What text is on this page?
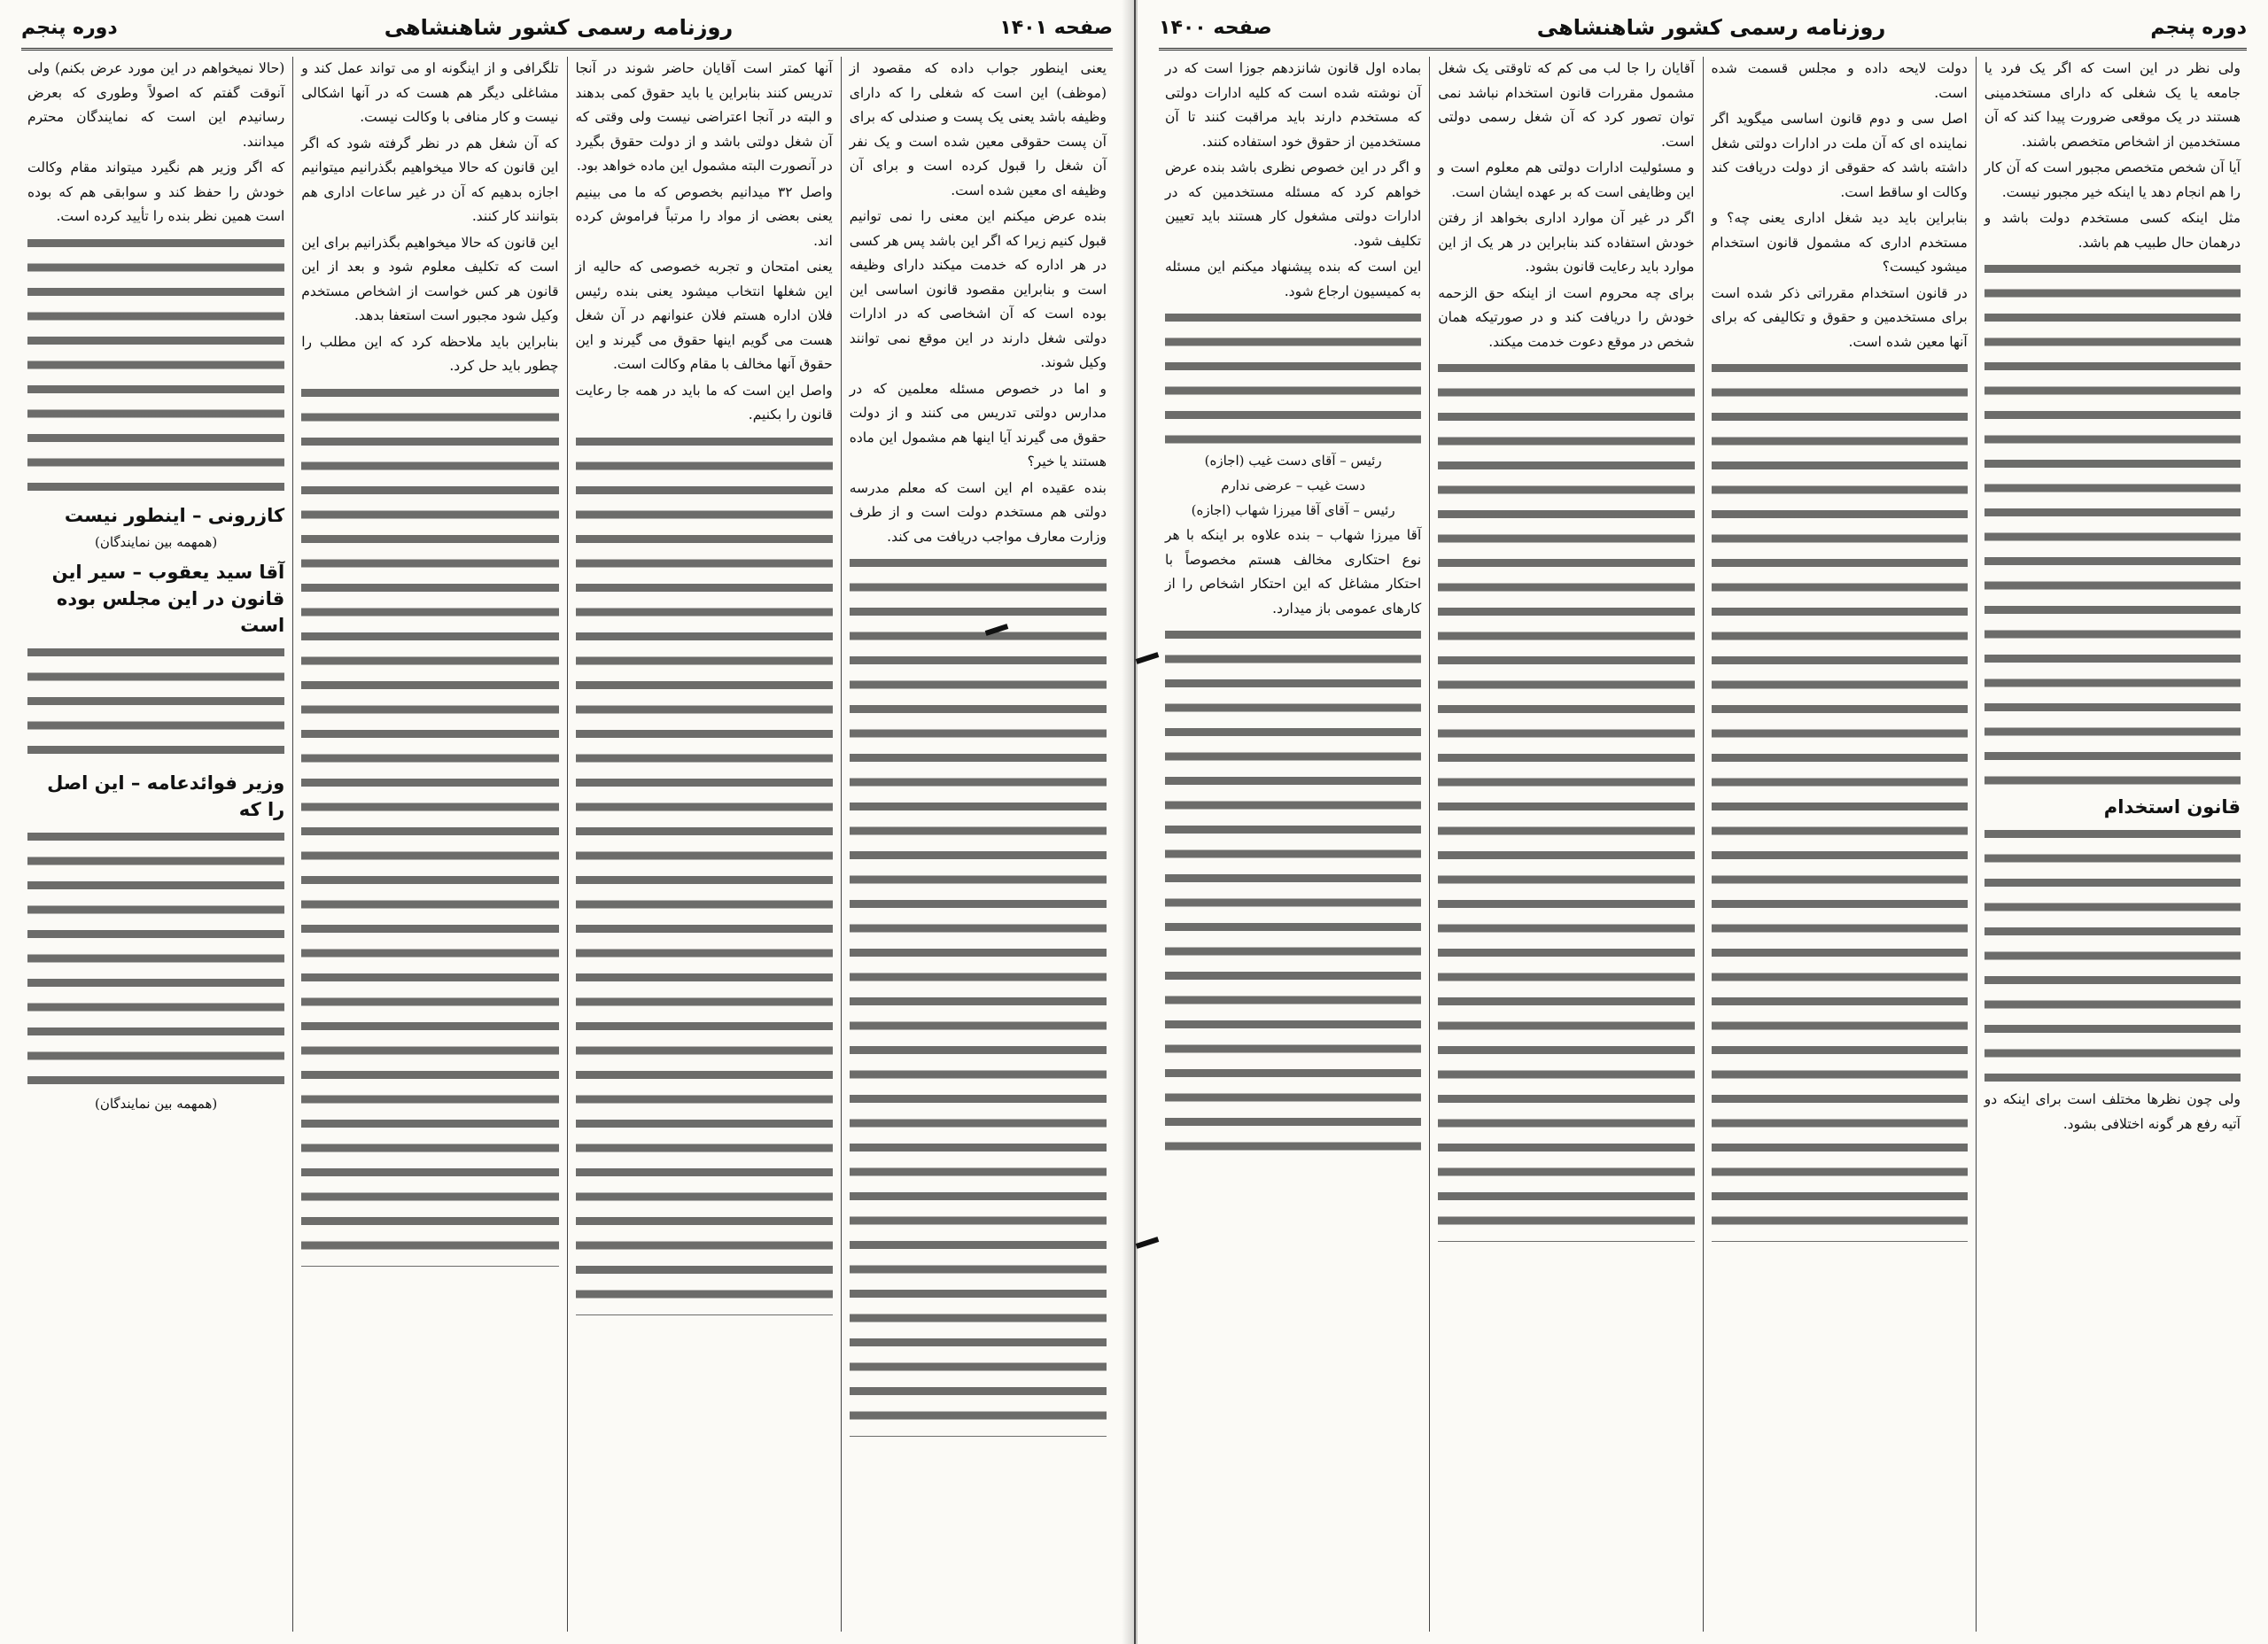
صفحه ۱۴۰۱
روزنامه رسمی کشور شاهنشاهی
دوره پنجم

یعنی اینطور جواب داده که مقصود از (موظف) این است که شغلی را که دارای وظیفه باشد یعنی یک پست و صندلی که برای آن پست حقوقی معین شده است و یک نفر آن شغل را قبول کرده است و برای آن وظیفه ای معین شده است.

بنده عرض میکنم این معنی را نمی توانیم قبول کنیم زیرا که اگر این باشد پس هر کسی در هر اداره که خدمت میکند دارای وظیفه است و بنابراین مقصود قانون اساسی این بوده است که آن اشخاصی که در ادارات دولتی شغل دارند در این موقع نمی توانند وکیل شوند.

و اما در خصوص مسئله معلمین که در مدارس دولتی تدریس می کنند و از دولت حقوق می گیرند آیا اینها هم مشمول این ماده هستند یا خیر؟

بنده عقیده ام این است که معلم مدرسه دولتی هم مستخدم دولت است و از طرف وزارت معارف مواجب دریافت می کند.

آنها کمتر است آقایان حاضر شوند در آنجا تدریس کنند بنابراین یا باید حقوق کمی بدهند و البته در آنجا اعتراضی نیست ولی وقتی که آن شغل دولتی باشد و از دولت حقوق بگیرد در آنصورت البته مشمول این ماده خواهد بود.

واصل ۳۲ میدانیم بخصوص که ما می بینیم یعنی بعضی از مواد را مرتباً فراموش کرده اند.

یعنی امتحان و تجربه خصوصی که حالیه از این شغلها انتخاب میشود یعنی بنده رئیس فلان اداره هستم فلان عنوانهم در آن شغل هست می گویم اینها حقوق می گیرند و این حقوق آنها مخالف با مقام وکالت است.

واصل این است که ما باید در همه جا رعایت قانون را بکنیم.

تلگرافی و از اینگونه او می تواند عمل کند و مشاغلی دیگر هم هست که در آنها اشکالی نیست و کار منافی با وکالت نیست.

که آن شغل هم در نظر گرفته شود که اگر این قانون که حالا میخواهیم بگذرانیم میتوانیم اجازه بدهیم که آن در غیر ساعات اداری هم بتوانند کار کنند.

این قانون که حالا میخواهیم بگذرانیم برای این است که تکلیف معلوم شود و بعد از این قانون هر کس خواست از اشخاص مستخدم وکیل شود مجبور است استعفا بدهد.

بنابراین باید ملاحظه کرد که این مطلب را چطور باید حل کرد.

(حالا نمیخواهم در این مورد عرض بکنم) ولی آنوقت گفتم که اصولاً وطوری که بعرض رسانیدم این است که نمایندگان محترم میدانند.

که اگر وزیر هم نگیرد میتواند مقام وکالت خودش را حفظ کند و سوابقی هم که بوده است همین نظر بنده را تأیید کرده است.

کازرونی – اینطور نیست
(همهمه بین نمایندگان)
آقا سید یعقوب – سیر این قانون در این مجلس بوده است
وزیر فوائدعامه – این اصل را که
(همهمه بین نمایندگان)
دوره پنجم
روزنامه رسمی کشور شاهنشاهی
صفحه ۱۴۰۰

ولی نظر در این است که اگر یک فرد یا جامعه یا یک شغلی که دارای مستخدمینی هستند در یک موقعی ضرورت پیدا کند که آن مستخدمین از اشخاص متخصص باشند.

آیا آن شخص متخصص مجبور است که آن کار را هم انجام دهد یا اینکه خیر مجبور نیست.

مثل اینکه کسی مستخدم دولت باشد و درهمان حال طبیب هم باشد.

قانون استخدام

ولی چون نظرها مختلف است برای اینکه دو آتیه رفع هر گونه اختلافی بشود.

دولت لایحه داده و مجلس قسمت شده است.

اصل سی و دوم قانون اساسی میگوید اگر نماینده ای که آن ملت در ادارات دولتی شغل داشته باشد که حقوقی از دولت دریافت کند وکالت او ساقط است.

بنابراین باید دید شغل اداری یعنی چه؟ و مستخدم اداری که مشمول قانون استخدام میشود کیست؟

در قانون استخدام مقرراتی ذکر شده است برای مستخدمین و حقوق و تکالیفی که برای آنها معین شده است.

آقایان را جا لب می کم که تاوقتی یک شغل مشمول مقررات قانون استخدام نباشد نمی توان تصور کرد که آن شغل رسمی دولتی است.

و مسئوليت ادارات دولتی هم معلوم است و این وظایفی است که بر عهده ایشان است.

اگر در غیر آن موارد اداری بخواهد از رفتن خودش استفاده کند بنابراین در هر یک از این موارد باید رعایت قانون بشود.

برای چه محروم است از اینکه حق الزحمه خودش را دریافت کند و در صورتیکه همان شخص در موقع دعوت خدمت میکند.

بماده اول قانون شانزدهم جوزا است که در آن نوشته شده است که کلیه ادارات دولتی که مستخدم دارند باید مراقبت کنند تا آن مستخدمین از حقوق خود استفاده کنند.

و اگر در این خصوص نظری باشد بنده عرض خواهم کرد که مسئله مستخدمین که در ادارات دولتی مشغول کار هستند باید تعیین تکلیف شود.

این است که بنده پیشنهاد میکنم این مسئله به کمیسیون ارجاع شود.

رئیس – آقای دست غیب (اجازه)
دست غیب – عرضی ندارم
رئیس – آقای آقا میرزا شهاب (اجازه)

آقا میرزا شهاب – بنده علاوه بر اینکه با هر نوع احتکاری مخالف هستم مخصوصاً با احتکار مشاغل که این احتکار اشخاص را از کارهای عمومی باز میدارد.
